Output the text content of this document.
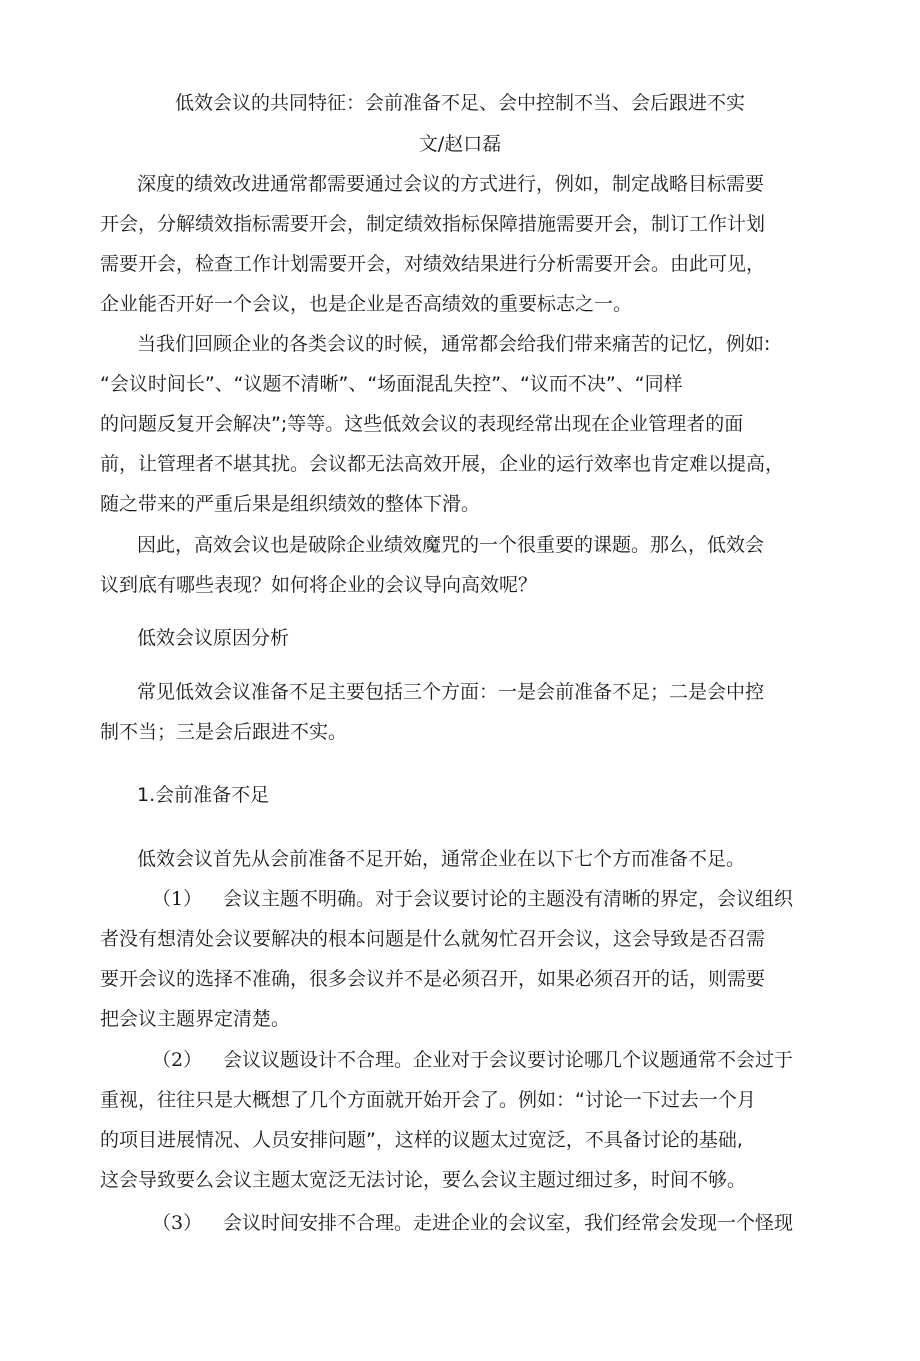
低效会议的共同特征：会前准备不足、会中控制不当、会后跟进不实
文/赵口磊
深度的绩效改进通常都需要通过会议的方式进行，例如，制定战略目标需要
开会，分解绩效指标需要开会，制定绩效指标保障措施需要开会，制订工作计划
需要开会，检查工作计划需要开会，对绩效结果进行分析需要开会。由此可见，
企业能否开好一个会议，也是企业是否高绩效的重要标志之一。
当我们回顾企业的各类会议的时候，通常都会给我们带来痛苦的记忆，例如:
“会议时间长”、“议题不清晰”、“场面混乱失控”、“议而不决”、“同样
的问题反复开会解决”;等等。这些低效会议的表现经常出现在企业管理者的面
前，让管理者不堪其扰。会议都无法高效开展，企业的运行效率也肯定难以提高，
随之带来的严重后果是组织绩效的整体下滑。
因此，高效会议也是破除企业绩效魔咒的一个很重要的课题。那么，低效会
议到底有哪些表现？如何将企业的会议导向高效呢？
低效会议原因分析
常见低效会议准备不足主要包括三个方面：一是会前准备不足；二是会中控
制不当；三是会后跟进不实。
1.会前准备不足
低效会议首先从会前准备不足开始，通常企业在以下七个方而准备不足。
（1） 会议主题不明确。对于会议要讨论的主题没有清晰的界定，会议组织
者没有想清处会议要解决的根本问题是什么就匆忙召开会议，这会导致是否召需
要开会议的选择不准确，很多会议并不是必须召开，如果必须召开的话，则需要
把会议主题界定清楚。
（2） 会议议题设计不合理。企业对于会议要讨论哪几个议题通常不会过于
重视，往往只是大概想了几个方面就开始开会了。例如：“讨论一下过去一个月
的项目进展情况、人员安排问题”，这样的议题太过宽泛，不具备讨论的基础,
这会导致要么会议主题太宽泛无法讨论，要么会议主题过细过多，时间不够。
（3） 会议时间安排不合理。走进企业的会议室，我们经常会发现一个怪现
